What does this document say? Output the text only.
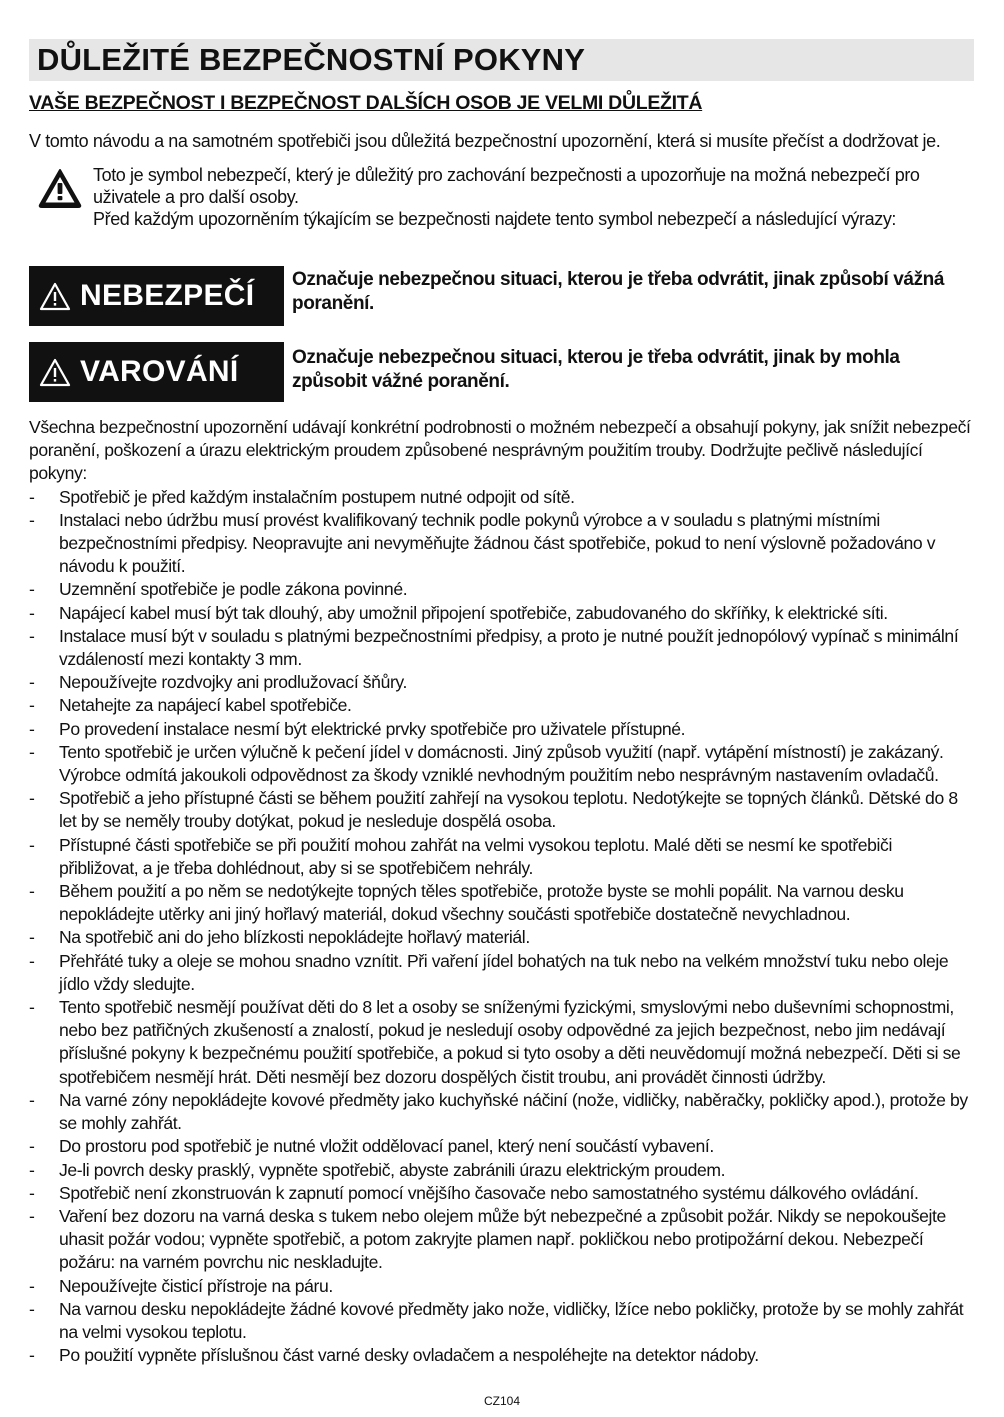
DŮLEŽITÉ BEZPEČNOSTNÍ POKYNY
VAŠE BEZPEČNOST I BEZPEČNOST DALŠÍCH OSOB JE VELMI DŮLEŽITÁ
V tomto návodu a na samotném spotřebiči jsou důležitá bezpečnostní upozornění, která si musíte přečíst a dodržovat je.

Toto je symbol nebezpečí, který je důležitý pro zachování bezpečnosti a upozorňuje na možná nebezpečí pro uživatele a pro další osoby.

Před každým upozorněním týkajícím se bezpečnosti najdete tento symbol nebezpečí a následující výrazy:

NEBEZPEČÍ Označuje nebezpečnou situaci, kterou je třeba odvrátit, jinak způsobí vážná poranění.
VAROVÁNÍ	Označuje nebezpečnou situaci, kterou je třeba odvrátit, jinak by mohla způsobit vážné poranění.

Všechna bezpečnostní upozornění udávají konkrétní podrobnosti o možném nebezpečí a obsahují pokyny, jak snížit nebezpečí poranění, poškození a úrazu elektrickým proudem způsobené nesprávným použitím trouby. Dodržujte pečlivě následující pokyny:

- Spotřebič je před každým instalačním postupem nutné odpojit od sítě.
- Instalaci nebo údržbu musí provést kvalifikovaný technik podle pokynů výrobce a v souladu s platnými místními bezpečnostními předpisy. Neopravujte ani nevyměňujte žádnou část spotřebiče, pokud to není výslovně požadováno v návodu k použití.
- Uzemnění spotřebiče je podle zákona povinné.
- Napájecí kabel musí být tak dlouhý, aby umožnil připojení spotřebiče, zabudovaného do skříňky, k elektrické síti.
- Instalace musí být v souladu s platnými bezpečnostními předpisy, a proto je nutné použít jednopólový vypínač s minimální vzdáleností mezi kontakty 3 mm.
- Nepoužívejte rozdvojky ani prodlužovací šňůry.
- Netahejte za napájecí kabel spotřebiče.
- Po provedení instalace nesmí být elektrické prvky spotřebiče pro uživatele přístupné.
- Tento spotřebič je určen výlučně k pečení jídel v domácnosti. Jiný způsob využití (např. vytápění místností) je zakázaný. Výrobce odmítá jakoukoli odpovědnost za škody vzniklé nevhodným použitím nebo nesprávným nastavením ovladačů.
- Spotřebič a jeho přístupné části se během použití zahřejí na vysokou teplotu. Nedotýkejte se topných článků. Dětské do 8 let by se neměly trouby dotýkat, pokud je nesleduje dospělá osoba.
- Přístupné části spotřebiče se při použití mohou zahřát na velmi vysokou teplotu. Malé děti se nesmí ke spotřebiči přibližovat, a je třeba dohlédnout, aby si se spotřebičem nehrály.
- Během použití a po něm se nedotýkejte topných těles spotřebiče, protože byste se mohli popálit. Na varnou desku nepokládejte utěrky ani jiný hořlavý materiál, dokud všechny součásti spotřebiče dostatečně nevychladnou.
- Na spotřebič ani do jeho blízkosti nepokládejte hořlavý materiál.
- Přehřáté tuky a oleje se mohou snadno vznítit. Při vaření jídel bohatých na tuk nebo na velkém množství tuku nebo oleje jídlo vždy sledujte.
- Tento spotřebič nesmějí používat děti do 8 let a osoby se sníženými fyzickými, smyslovými nebo duševními schopnostmi, nebo bez patřičných zkušeností a znalostí, pokud je nesledují osoby odpovědné za jejich bezpečnost, nebo jim nedávají příslušné pokyny k bezpečnému použití spotřebiče, a pokud si tyto osoby a děti neuvědomují možná nebezpečí. Děti si se spotřebičem nesmějí hrát. Děti nesmějí bez dozoru dospělých čistit troubu, ani provádět činnosti údržby.
- Na varné zóny nepokládejte kovové předměty jako kuchyňské náčiní (nože, vidličky, naběračky, pokličky apod.), protože by se mohly zahřát.
- Do prostoru pod spotřebič je nutné vložit oddělovací panel, který není součástí vybavení.
- Je-li povrch desky prasklý, vypněte spotřebič, abyste zabránili úrazu elektrickým proudem.
- Spotřebič není zkonstruován k zapnutí pomocí vnějšího časovače nebo samostatného systému dálkového ovládání.
- Vaření bez dozoru na varná deska s tukem nebo olejem může být nebezpečné a způsobit požár. Nikdy se nepokoušejte uhasit požár vodou; vypněte spotřebič, a potom zakryjte plamen např. pokličkou nebo protipožární dekou. Nebezpečí požáru: na varném povrchu nic neskladujte.
- Nepoužívejte čisticí přístroje na páru.
- Na varnou desku nepokládejte žádné kovové předměty jako nože, vidličky, lžíce nebo pokličky, protože by se mohly zahřát na velmi vysokou teplotu.
- Po použití vypněte příslušnou část varné desky ovladačem a nespoléhejte na detektor nádoby.
CZ104
